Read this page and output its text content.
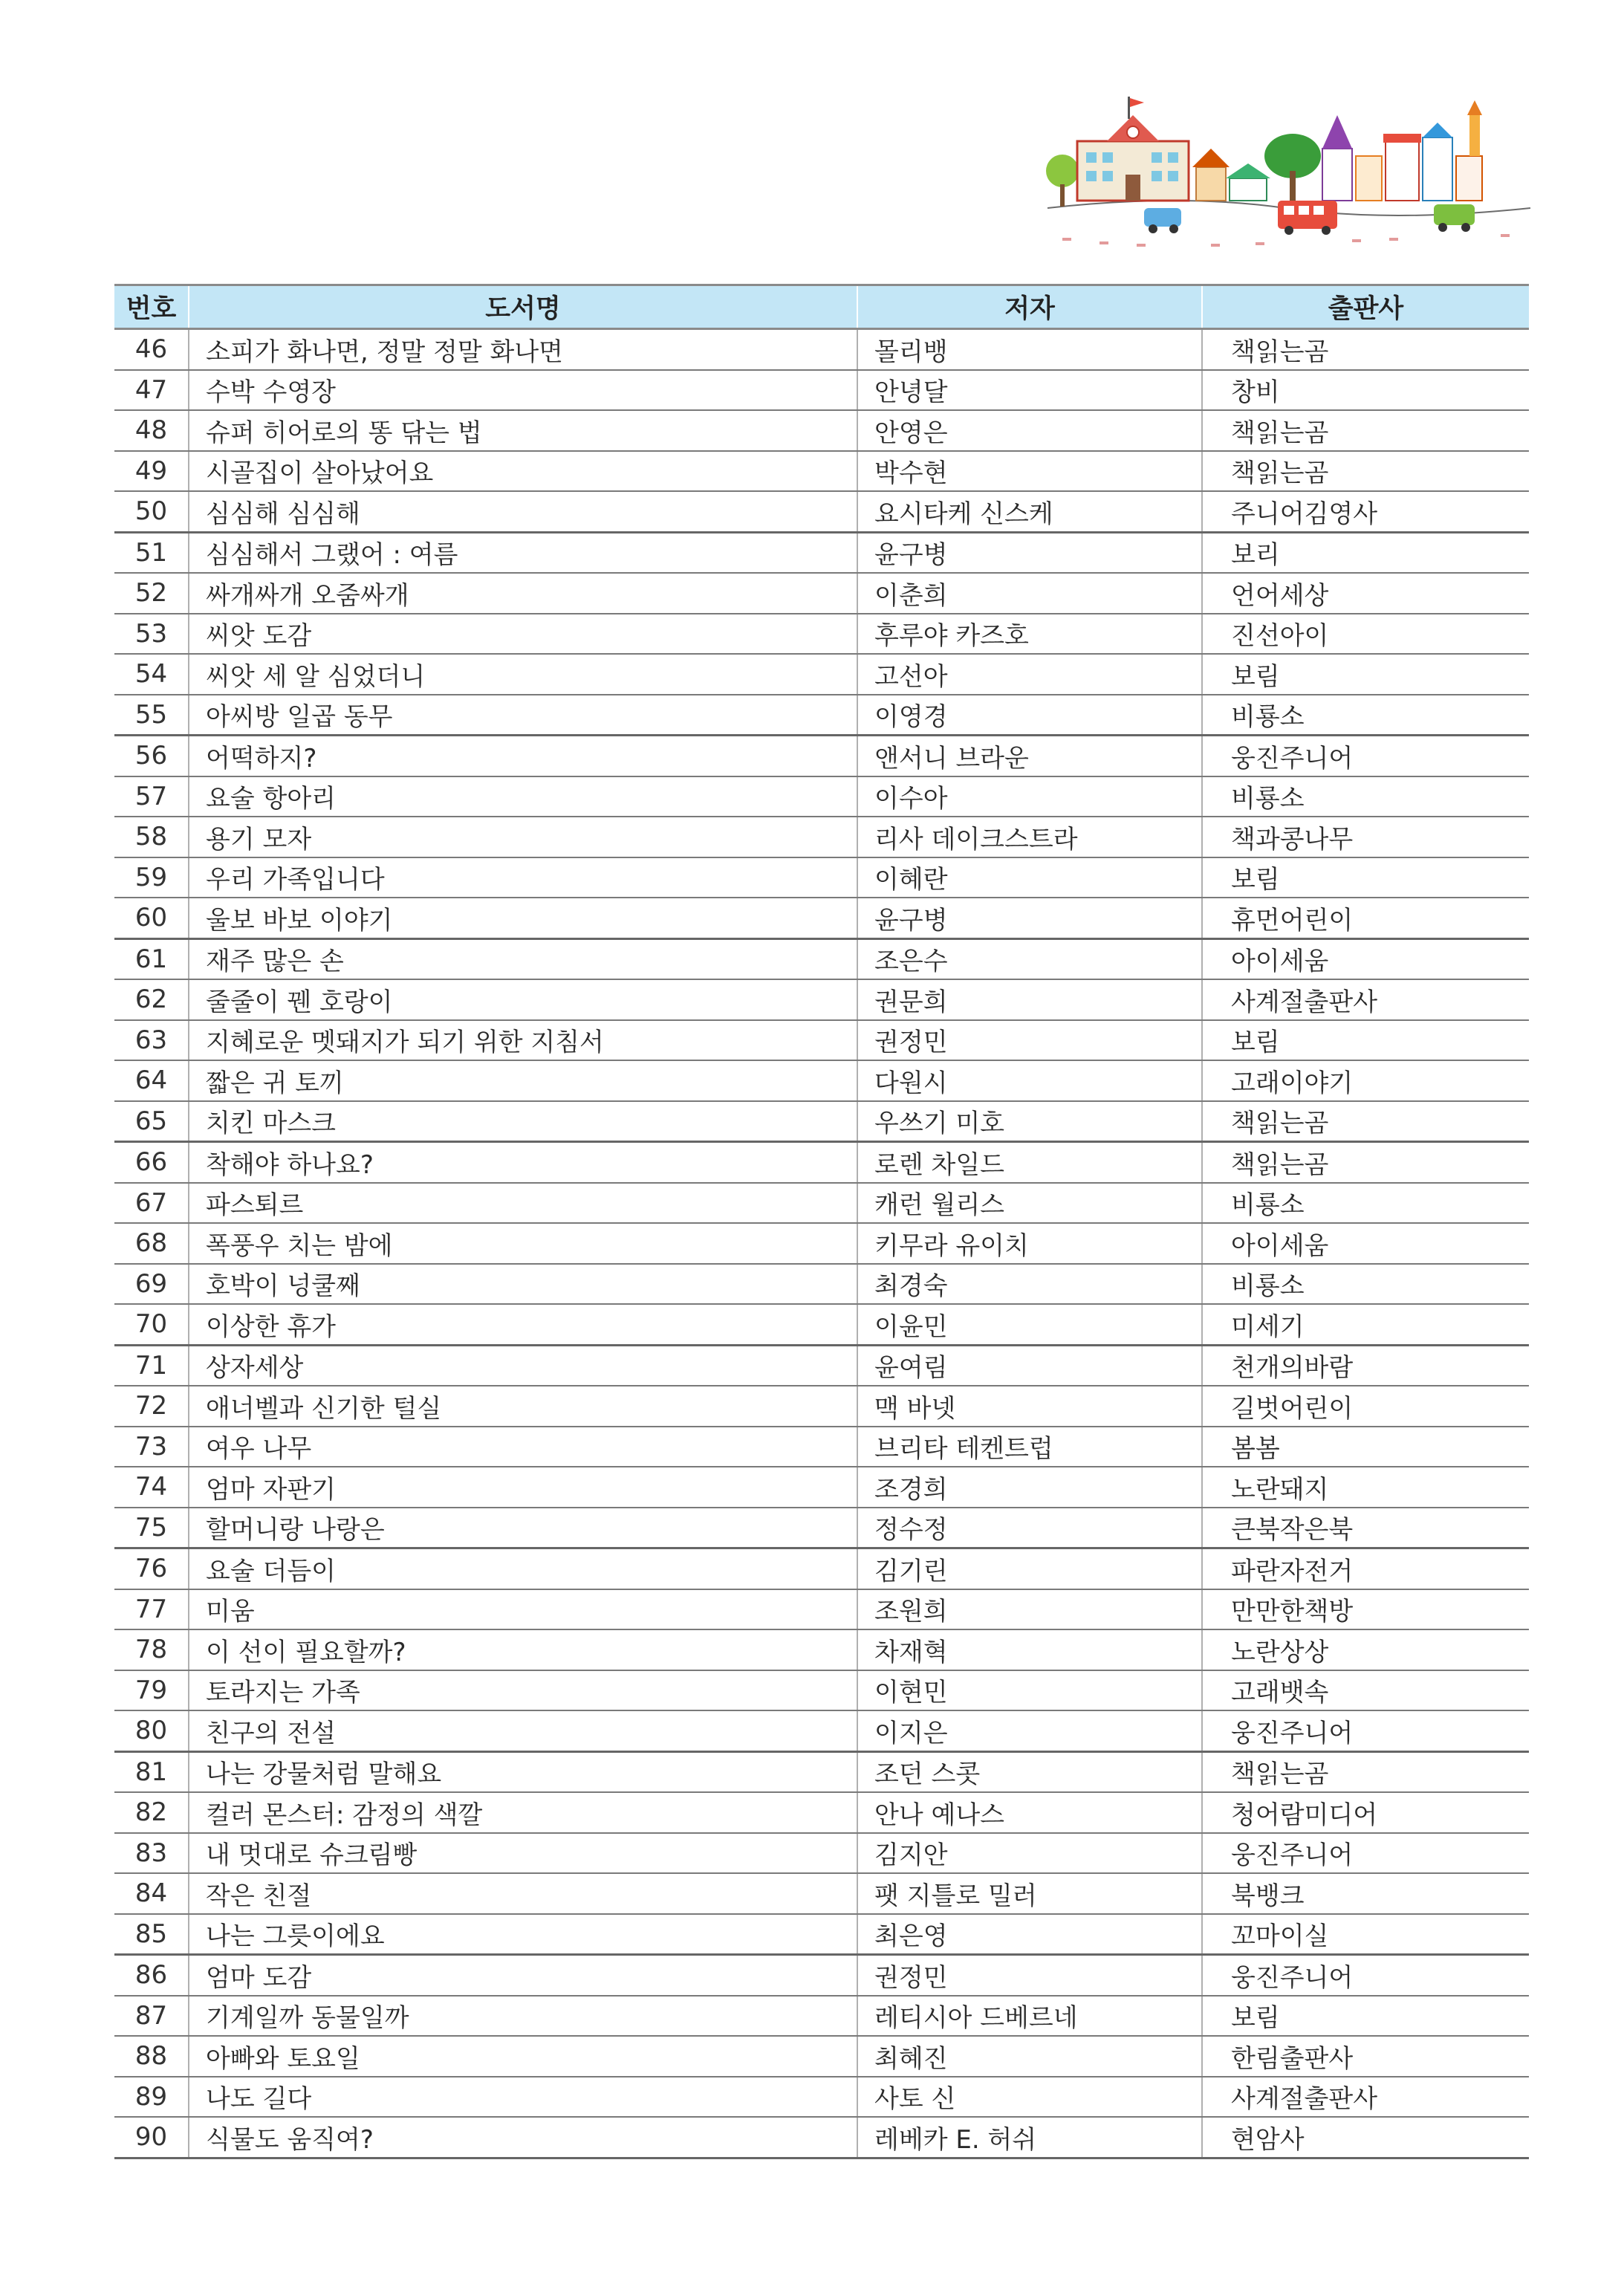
번호	도서명	저자	출판사
46	소피가 화나면, 정말 정말 화나면	몰리뱅	책읽는곰
47	수박 수영장	안녕달	창비
48	슈퍼 히어로의 똥 닦는 법	안영은	책읽는곰
49	시골집이 살아났어요	박수현	책읽는곰
50	심심해 심심해	요시타케 신스케	주니어김영사
51	심심해서 그랬어 : 여름	윤구병	보리
52	싸개싸개 오줌싸개	이춘희	언어세상
53	씨앗 도감	후루야 카즈호	진선아이
54	씨앗 세 알 심었더니	고선아	보림
55	아씨방 일곱 동무	이영경	비룡소
56	어떡하지?	앤서니 브라운	웅진주니어
57	요술 항아리	이수아	비룡소
58	용기 모자	리사 데이크스트라	책과콩나무
59	우리 가족입니다	이혜란	보림
60	울보 바보 이야기	윤구병	휴먼어린이
61	재주 많은 손	조은수	아이세움
62	줄줄이 꿴 호랑이	권문희	사계절출판사
63	지혜로운 멧돼지가 되기 위한 지침서	권정민	보림
64	짧은 귀 토끼	다원시	고래이야기
65	치킨 마스크	우쓰기 미호	책읽는곰
66	착해야 하나요?	로렌 차일드	책읽는곰
67	파스퇴르	캐런 월리스	비룡소
68	폭풍우 치는 밤에	키무라 유이치	아이세움
69	호박이 넝쿨째	최경숙	비룡소
70	이상한 휴가	이윤민	미세기
71	상자세상	윤여림	천개의바람
72	애너벨과 신기한 털실	맥 바넷	길벗어린이
73	여우 나무	브리타 테켄트럽	봄봄
74	엄마 자판기	조경희	노란돼지
75	할머니랑 나랑은	정수정	큰북작은북
76	요술 더듬이	김기린	파란자전거
77	미움	조원희	만만한책방
78	이 선이 필요할까?	차재혁	노란상상
79	토라지는 가족	이현민	고래뱃속
80	친구의 전설	이지은	웅진주니어
81	나는 강물처럼 말해요	조던 스콧	책읽는곰
82	컬러 몬스터: 감정의 색깔	안나 예나스	청어람미디어
83	내 멋대로 슈크림빵	김지안	웅진주니어
84	작은 친절	팻 지틀로 밀러	북뱅크
85	나는 그릇이에요	최은영	꼬마이실
86	엄마 도감	권정민	웅진주니어
87	기계일까 동물일까	레티시아 드베르네	보림
88	아빠와 토요일	최혜진	한림출판사
89	나도 길다	사토 신	사계절출판사
90	식물도 움직여?	레베카 E. 허쉬	현암사
